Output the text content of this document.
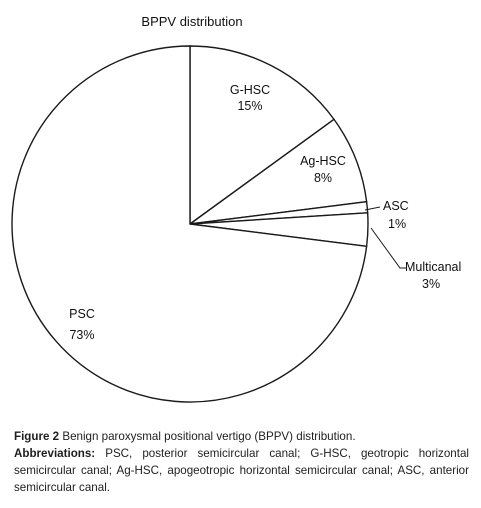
BPPV distribution
G-HSC
15%
Ag-HSC
8%
ASC
1%
Multicanal
3%
PSC
73%
Figure 2 Benign paroxysmal positional vertigo (BPPV) distribution.
Abbreviations: PSC, posterior semicircular canal; G-HSC, geotropic horizontal semicircular canal; Ag-HSC, apogeotropic horizontal semicircular canal; ASC, anterior semicircular canal.
